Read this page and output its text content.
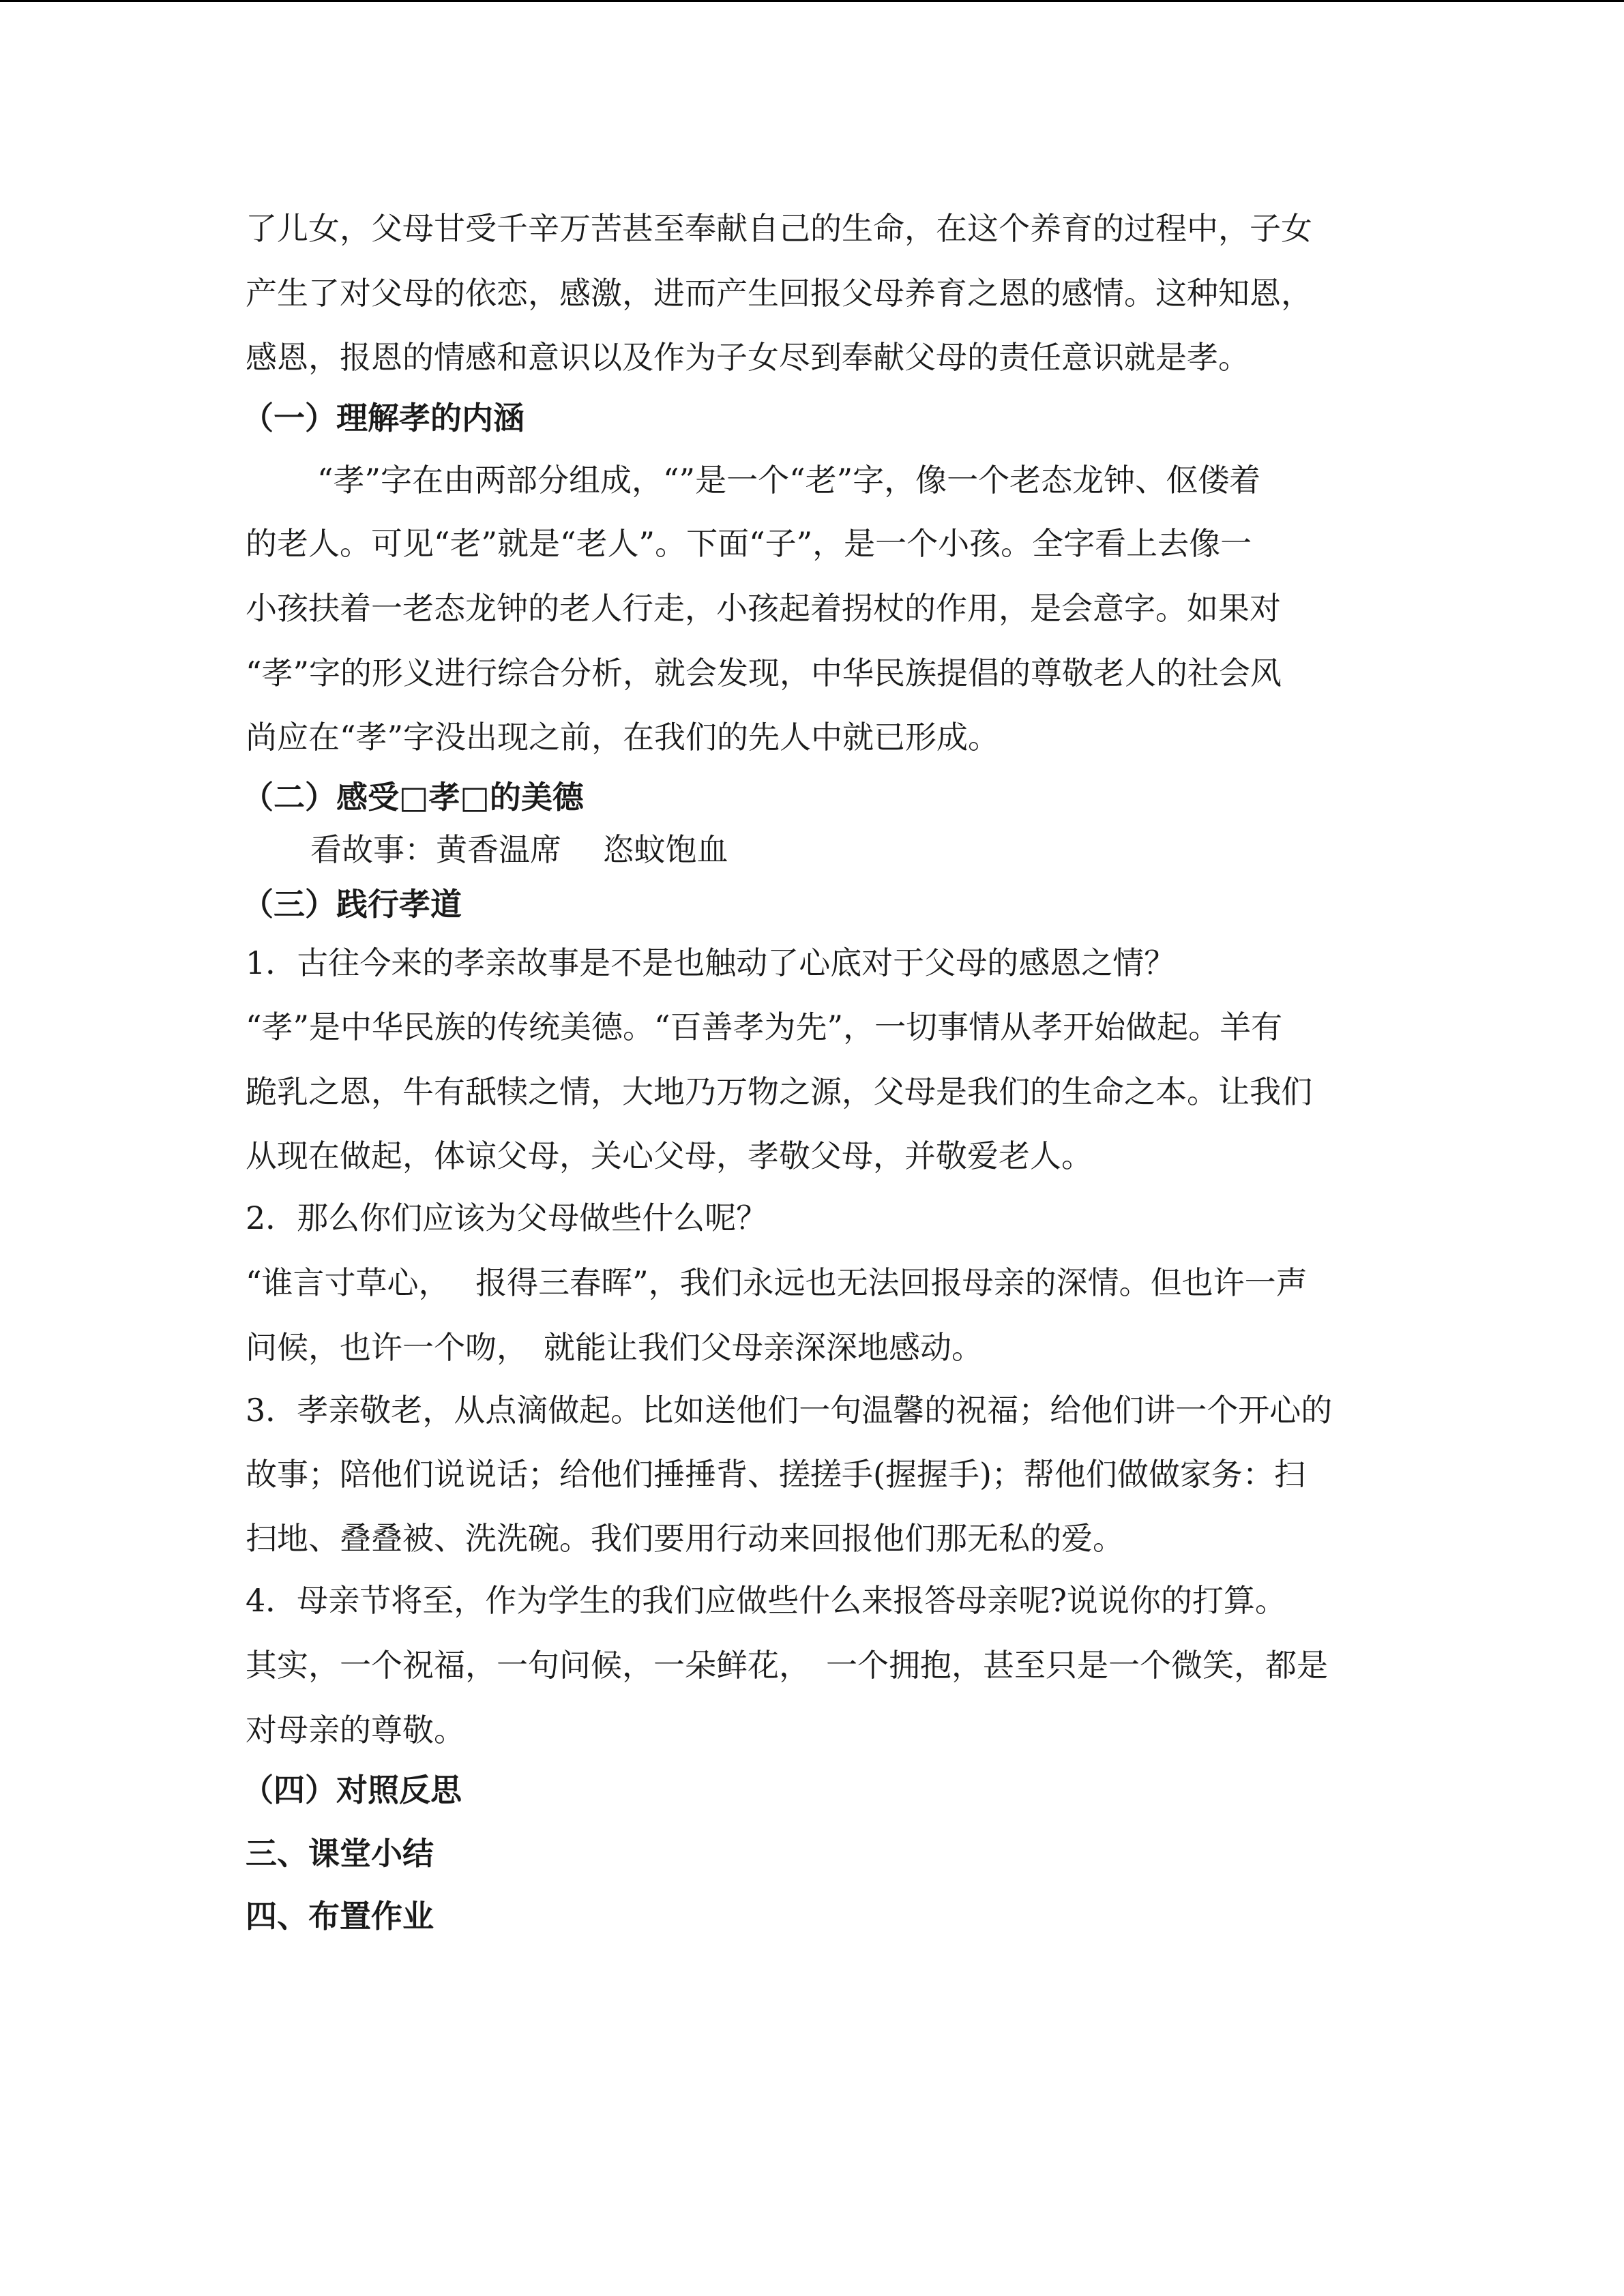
了儿女，父母甘受千辛万苦甚至奉献自己的生命，在这个养育的过程中，子女
产生了对父母的依恋，感激，进而产生回报父母养育之恩的感情。这种知恩，
感恩，报恩的情感和意识以及作为子女尽到奉献父母的责任意识就是孝。
（一）理解孝的内涵
“孝”字在由两部分组成，“”是一个“老”字，像一个老态龙钟、伛偻着
的老人。可见“老”就是“老人”。下面“子”，是一个小孩。全字看上去像一
小孩扶着一老态龙钟的老人行走，小孩起着拐杖的作用，是会意字。如果对
“孝”字的形义进行综合分析，就会发现，中华民族提倡的尊敬老人的社会风
尚应在“孝”字没出现之前，在我们的先人中就已形成。
（二）感受□孝□的美德
看故事：黄香温席　 恣蚊饱血
（三）践行孝道
1．古往今来的孝亲故事是不是也触动了心底对于父母的感恩之情？
“孝”是中华民族的传统美德。“百善孝为先”，一切事情从孝开始做起。羊有
跪乳之恩，牛有舐犊之情，大地乃万物之源，父母是我们的生命之本。让我们
从现在做起，体谅父母，关心父母，孝敬父母，并敬爱老人。
2．那么你们应该为父母做些什么呢？
“谁言寸草心，　 报得三春晖”，我们永远也无法回报母亲的深情。但也许一声
问候，也许一个吻，　就能让我们父母亲深深地感动。
3．孝亲敬老，从点滴做起。比如送他们一句温馨的祝福；给他们讲一个开心的
故事；陪他们说说话；给他们捶捶背、搓搓手(握握手)；帮他们做做家务：扫
扫地、叠叠被、洗洗碗。我们要用行动来回报他们那无私的爱。
4．母亲节将至，作为学生的我们应做些什么来报答母亲呢?说说你的打算。
其实，一个祝福，一句问候，一朵鲜花，　一个拥抱，甚至只是一个微笑，都是
对母亲的尊敬。
（四）对照反思
三、课堂小结
四、布置作业
